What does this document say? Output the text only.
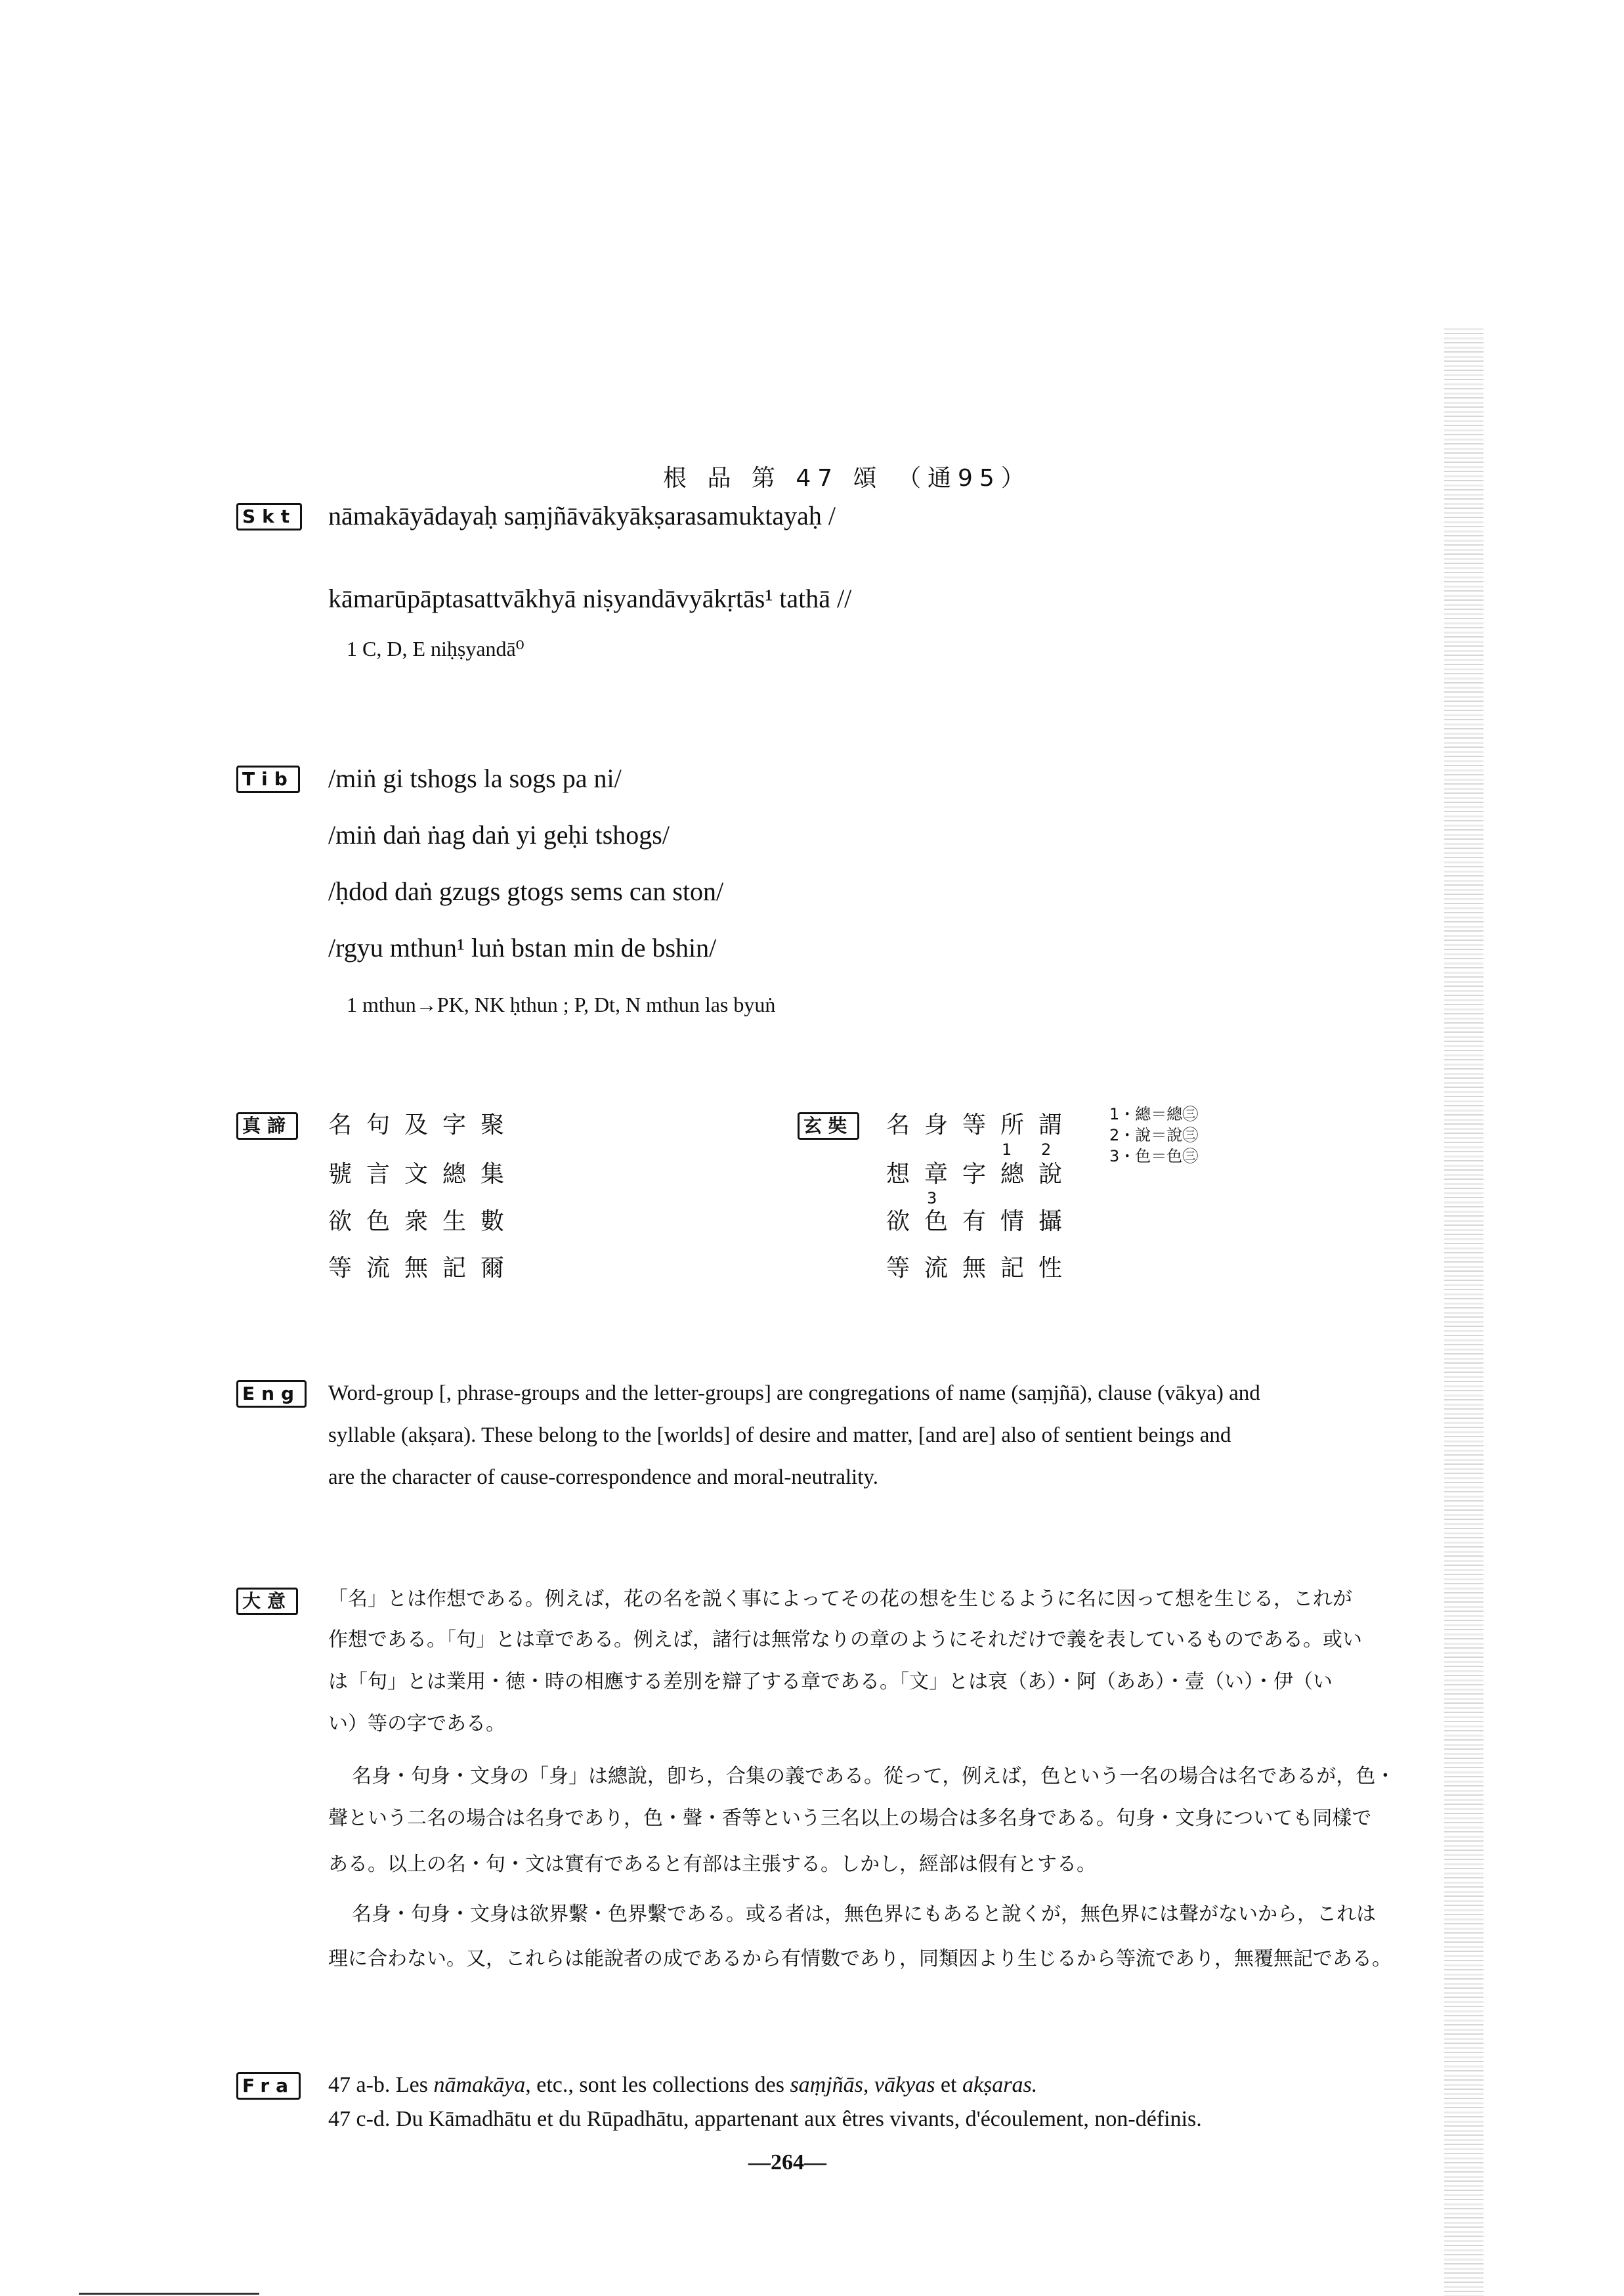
根 品 第 47 頌 （通95）
Skt nāmakāyādayaḥ saṃjñāvākyākṣarasamuktayaḥ /
kāmarūpāptasattvākhyā niṣyandāvyākṛtās¹ tathā //
1 C, D, E niḥṣyandā⁰
Tib /miṅ gi tshogs la sogs pa ni/
/miṅ daṅ ṅag daṅ yi geḥi tshogs/
/ḥdod daṅ gzugs gtogs sems can ston/
/rgyu mthun¹ luṅ bstan min de bshin/
1 mthun→PK, NK ḥthun ; P, Dt, N mthun las byuṅ
真諦 名句及字聚
號言文總集
欲色衆生數
等流無記爾
玄奘 名身等所謂
想章字總說
欲色有情攝
等流無記性
1 2
3
1・總＝總㊂
2・說＝說㊂
3・色＝色㊂
Eng Word-group [, phrase-groups and the letter-groups] are congregations of name (saṃjñā), clause (vākya) and
syllable (akṣara). These belong to the [worlds] of desire and matter, [and are] also of sentient beings and
are the character of cause-correspondence and moral-neutrality.
大意	「名」とは作想である。例えば，花の名を説く事によってその花の想を生じるように名に因って想を生じる，これが
作想である。「句」とは章である。例えば，諸行は無常なりの章のようにそれだけで義を表しているものである。或い
は「句」とは業用・徳・時の相應する差別を辯了する章である。「文」とは哀（あ）・阿（ああ）・壹（い）・伊（い
い）等の字である。
名身・句身・文身の「身」は總說，卽ち，合集の義である。從って，例えば，色という一名の場合は名であるが，色・
聲という二名の場合は名身であり，色・聲・香等という三名以上の場合は多名身である。句身・文身についても同樣で
ある。以上の名・句・文は實有であると有部は主張する。しかし，經部は假有とする。
名身・句身・文身は欲界繫・色界繫である。或る者は，無色界にもあると說くが，無色界には聲がないから，これは
理に合わない。又，これらは能說者の成であるから有情數であり，同類因より生じるから等流であり，無覆無記である。
Fra 47 a-b. Les nāmakāya, etc., sont les collections des saṃjñās, vākyas et akṣaras.
47 c-d. Du Kāmadhātu et du Rūpadhātu, appartenant aux êtres vivants, d'écoulement, non-définis.
—264—
